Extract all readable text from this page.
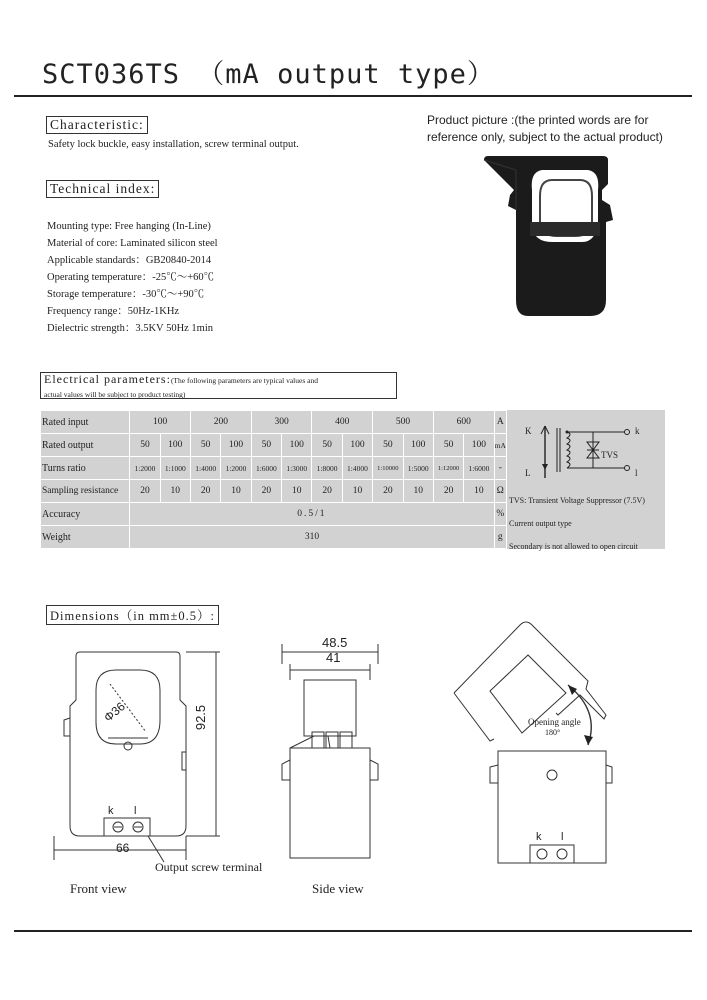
SCT036TS （mA output type）
Characteristic:
Safety lock buckle, easy installation, screw terminal output.
Product picture :(the printed words are for
reference only, subject to the actual product)
Technical index:
Mounting type: Free hanging (In-Line)
Material of core: Laminated silicon steel
Applicable standards：GB20840-2014
Operating temperature：-25℃～+60℃
Storage temperature：-30℃～+90℃
Frequency range：50Hz-1KHz
Dielectric strength：3.5KV 50Hz 1min
Electrical parameters:(The following parameters are typical values and
actual values will be subject to product testing)
Rated input	100		200		300		400		500		600		A
Rated output	50	100	50	100	50	100	50	100	50	100	50	100	mA
Turns ratio	1:2000	1:1000	1:4000	1:2000	1:6000	1:3000	1:8000	1:4000	1:10000	1:5000	1:12000	1:6000	-
Sampling resistance	20	10	20	10	20	10	20	10	20	10	20	10	Ω
Accuracy	0.5/1												%
Weight	310												g
K	k
L	l
TVS
TVS: Transient Voltage Suppressor (7.5V)
Current output type
Secondary is not allowed to open circuit
Dimensions（in mm±0.5）:
Φ36	92.5
66
k l
Output screw terminal
Front view
48.5
41
Side view
Opening angle
180°
k l
